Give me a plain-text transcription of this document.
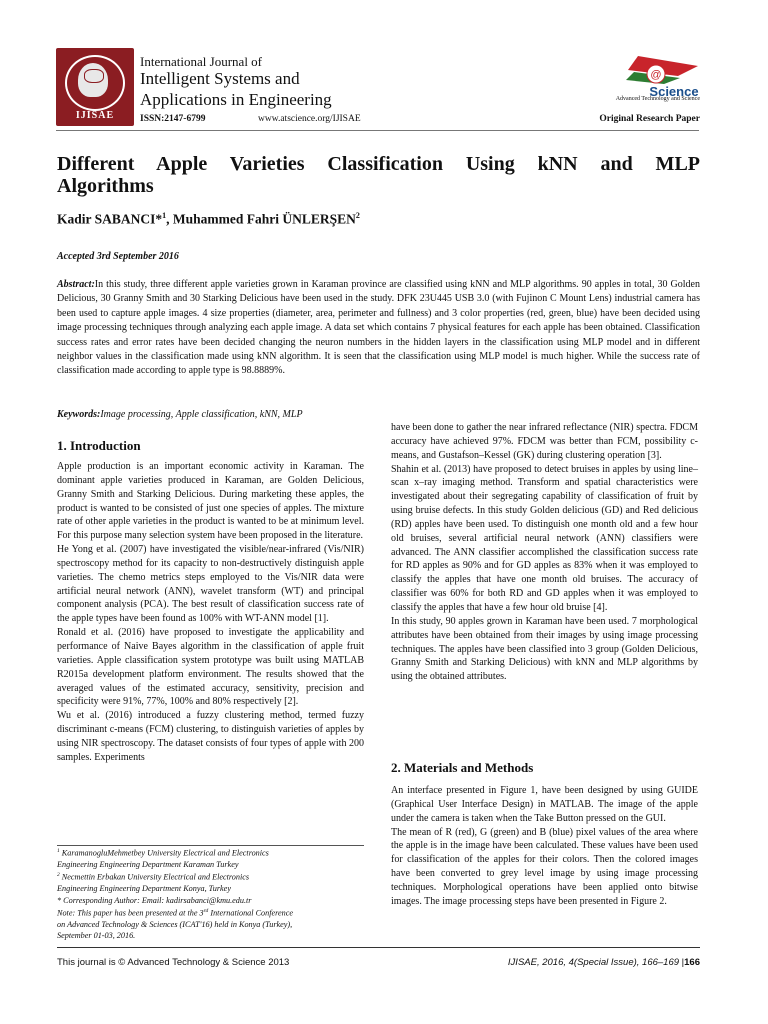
IJISAE
International Journal of
Intelligent Systems and
Applications in Engineering
ISSN:2147-6799	www.atscience.org/IJISAE
@
Science
Advanced Technology and Science
Original Research Paper
Different Apple Varieties Classification Using kNN and MLP
Algorithms
Kadir SABANCI*$^1$, Muhammed Fahri ÜNLERŞEN$^2$
Accepted 3rd September 2016
Abstract:In this study, three different apple varieties grown in Karaman province are classified using kNN and MLP algorithms. 90 apples in total, 30 Golden Delicious, 30 Granny Smith and 30 Starking Delicious have been used in the study. DFK 23U445 USB 3.0 (with Fujinon C Mount Lens) industrial camera has been used to capture apple images. 4 size properties (diameter, area, perimeter and fullness) and 3 color properties (red, green, blue) have been decided using image processing techniques through analyzing each apple image. A data set which contains 7 physical features for each apple has been obtained. Classification success rates and error rates have been decided changing the neuron numbers in the hidden layers in the classification using MLP model and in different neighbor values in the classification made using kNN algorithm. It is seen that the classification using MLP model is much higher. While the success rate of classification made according to apple type is 98.8889%.
Keywords:Image processing, Apple classification, kNN, MLP
1. Introduction

Apple production is an important economic activity in Karaman. The dominant apple varieties produced in Karaman, are Golden Delicious, Granny Smith and Starking Delicious. During marketing these apples, the product is wanted to be consisted of just one species of apples. The mixture rate of other apple varieties in the product is wanted to be at minimum level. For this purpose many selection system have been proposed in the literature.

He Yong et al. (2007) have investigated the visible/near-infrared (Vis/NIR) spectroscopy method for its capacity to non-destructively distinguish apple varieties. The chemo metrics steps employed to the Vis/NIR data were artificial neural network (ANN), wavelet transform (WT) and principal component analysis (PCA). The best result of classification success rate of the apple types have been found as 100% with WT-ANN model [1].

Ronald et al. (2016) have proposed to investigate the applicability and performance of Naive Bayes algorithm in the classification of apple fruit varieties. Apple classification system prototype was built using MATLAB R2015a development platform environment. The results showed that the averaged values of the estimated accuracy, sensitivity, precision and specificity were 91%, 77%, 100% and 80% respectively [2].

Wu et al. (2016) introduced a fuzzy clustering method, termed fuzzy discriminant c-means (FCM) clustering, to distinguish varieties of apples by using NIR spectroscopy. The dataset consists of four types of apple with 200 samples. Experiments

$^1$ KaramanogluMehmetbey University Electrical and Electronics

Engineering Engineering Department Karaman Turkey

$^2$ Necmettin Erbakan University Electrical and Electronics

Engineering Engineering Department Konya, Turkey

* Corresponding Author: Email: kadirsabanci@kmu.edu.tr

Note: This paper has been presented at the 3rd International Conference

on Advanced Technology & Sciences (ICAT'16) held in Konya (Turkey),

September 01-03, 2016.

have been done to gather the near infrared reflectance (NIR) spectra. FDCM accuracy have achieved 97%. FDCM was better than FCM, possibility c-means, and Gustafson–Kessel (GK) during clustering operation [3].

Shahin et al. (2013) have proposed to detect bruises in apples by using line–scan x–ray imaging method. Transform and spatial characteristics were investigated about their segregating capability of classification of fruit by using bruise defects. In this study Golden delicious (GD) and Red delicious (RD) apples have been used. To distinguish one month old and a few hour old bruises, several artificial neural network (ANN) classifiers were advanced. The ANN classifier accomplished the classification success rate for RD apples as 90% and for GD apples as 83% when it was employed to classify the apples that have one month old bruises. The accuracy of classifier was 60% for both RD and GD apples when it was employed to classify the apples that have a few hour old bruise [4].

In this study, 90 apples grown in Karaman have been used. 7 morphological attributes have been obtained from their images by using image processing techniques. The apples have been classified into 3 group (Golden Delicious, Granny Smith and Starking Delicious) with kNN and MLP algorithms by using the obtained attributes.

2. Materials and Methods

An interface presented in Figure 1, have been designed by using GUIDE (Graphical User Interface Design) in MATLAB. The image of the apple under the camera is taken when the Take Button pressed on the GUI.

The mean of R (red), G (green) and B (blue) pixel values of the area where the apple is in the image have been calculated. These values have been used for classification of the apples for their colors. Then the colored images have been converted to grey level image by using image processing techniques. Morphological operations have been applied onto bitwise images. The image processing steps have been presented in Figure 2.

This journal is © Advanced Technology & Science 2013	IJISAE, 2016, 4(Special Issue), 166–169 |166
